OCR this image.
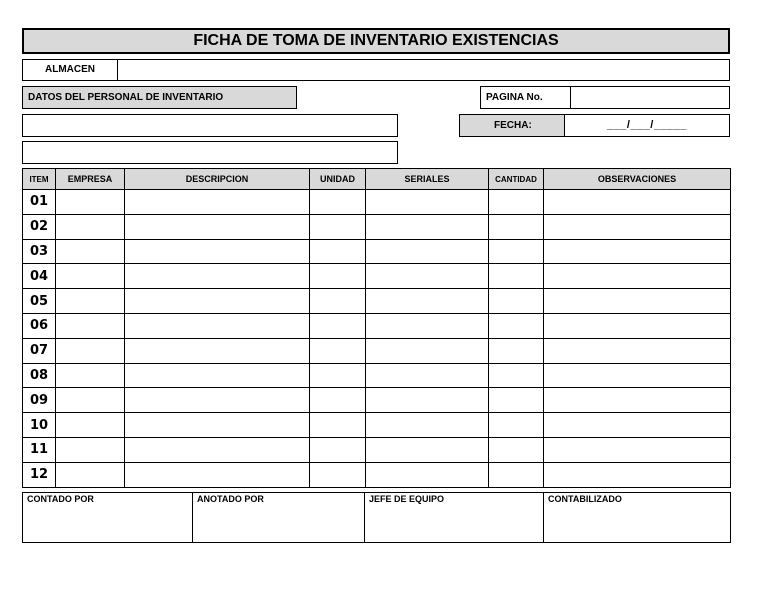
FICHA DE TOMA DE INVENTARIO EXISTENCIAS
ALMACEN
DATOS DEL PERSONAL DE INVENTARIO	PAGINA No.
FECHA:	___/___/_____
ITEM	EMPRESA	DESCRIPCION	UNIDAD	SERIALES	CANTIDAD	OBSERVACIONES
01						
02						
03						
04						
05						
06						
07						
08						
09						
10						
11						
12						
CONTADO POR	ANOTADO POR	JEFE DE EQUIPO	CONTABILIZADO
